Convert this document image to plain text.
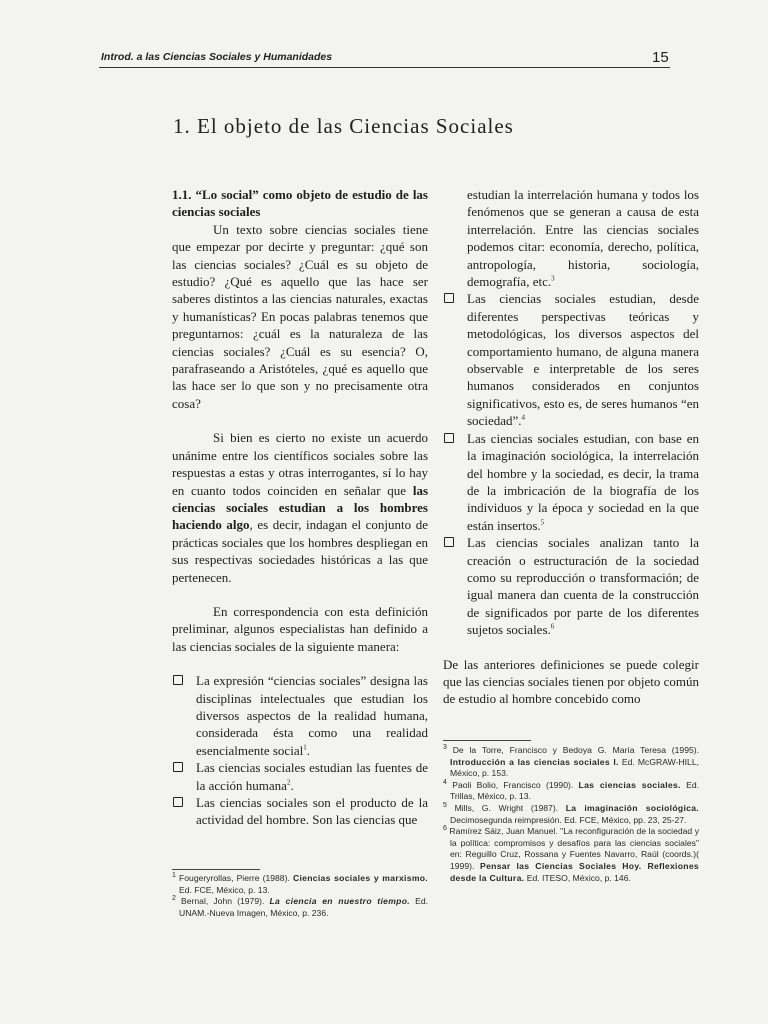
Introd. a las Ciencias Sociales y Humanidades	15
1. El objeto de las Ciencias Sociales

1.1. “Lo social” como objeto de estudio de las ciencias sociales

Un texto sobre ciencias sociales tiene que empezar por decirte y preguntar: ¿qué son las ciencias sociales? ¿Cuál es su objeto de estudio? ¿Qué es aquello que las hace ser saberes distintos a las ciencias naturales, exactas y humanísticas? En pocas palabras tenemos que preguntarnos: ¿cuál es la naturaleza de las ciencias sociales? ¿Cuál es su esencia? O, parafraseando a Aristóteles, ¿qué es aquello que las hace ser lo que son y no precisamente otra cosa?

Si bien es cierto no existe un acuerdo unánime entre los científicos sociales sobre las respuestas a estas y otras interrogantes, sí lo hay en cuanto todos coinciden en señalar que las ciencias sociales estudian a los hombres haciendo algo, es decir, indagan el conjunto de prácticas sociales que los hombres despliegan en sus respectivas sociedades históricas a las que pertenecen.

En correspondencia con esta definición preliminar, algunos especialistas han definido a las ciencias sociales de la siguiente manera:

La expresión “ciencias sociales” designa las disciplinas intelectuales que estudian los diversos aspectos de la realidad humana, considerada ésta como una realidad esencialmente social$^1$.
Las ciencias sociales estudian las fuentes de la acción humana$^2$.
Las ciencias sociales son el producto de la actividad del hombre. Son las ciencias que

$^1$ Fougeryrollas, Pierre (1988). Ciencias sociales y marxismo. Ed. FCE, México, p. 13.

$^2$ Bernal, John (1979). La ciencia en nuestro tiempo. Ed. UNAM.-Nueva Imagen, México, p. 236.

estudian la interrelación humana y todos los fenómenos que se generan a causa de esta interrelación. Entre las ciencias sociales podemos citar: economía, derecho, política, antropología, historia, sociología, demografía, etc.$^3$

Las ciencias sociales estudian, desde diferentes perspectivas teóricas y metodológicas, los diversos aspectos del comportamiento humano, de alguna manera observable e interpretable de los seres humanos considerados en conjuntos significativos, esto es, de seres humanos “en sociedad”.$^4$
Las ciencias sociales estudian, con base en la imaginación sociológica, la interrelación del hombre y la sociedad, es decir, la trama de la imbricación de la biografía de los individuos y la época y sociedad en la que están insertos.$^5$
Las ciencias sociales analizan tanto la creación o estructuración de la sociedad como su reproducción o transformación; de igual manera dan cuenta de la construcción de significados por parte de los diferentes sujetos sociales.$^6$

De las anteriores definiciones se puede colegir que las ciencias sociales tienen por objeto común de estudio al hombre concebido como

$^3$ De la Torre, Francisco y Bedoya G. María Teresa (1995). Introducción a las ciencias sociales I. Ed. McGRAW-HILL, México, p. 153.

$^4$ Paoli Bolio, Francisco (1990). Las ciencias sociales. Ed. Trillas, México, p. 13.

$^5$ Mills, G. Wright (1987). La imaginación sociológica. Decimosegunda reimpresión. Ed. FCE, México, pp. 23, 25-27.

$^6$ Ramírez Sáiz, Juan Manuel. "La reconfiguración de la sociedad y la política: compromisos y desafíos para las ciencias sociales" en: Reguillo Cruz, Rossana y Fuentes Navarro, Raúl (coords.)( 1999). Pensar las Ciencias Sociales Hoy. Reflexiones desde la Cultura. Ed. ITESO, México, p. 146.
